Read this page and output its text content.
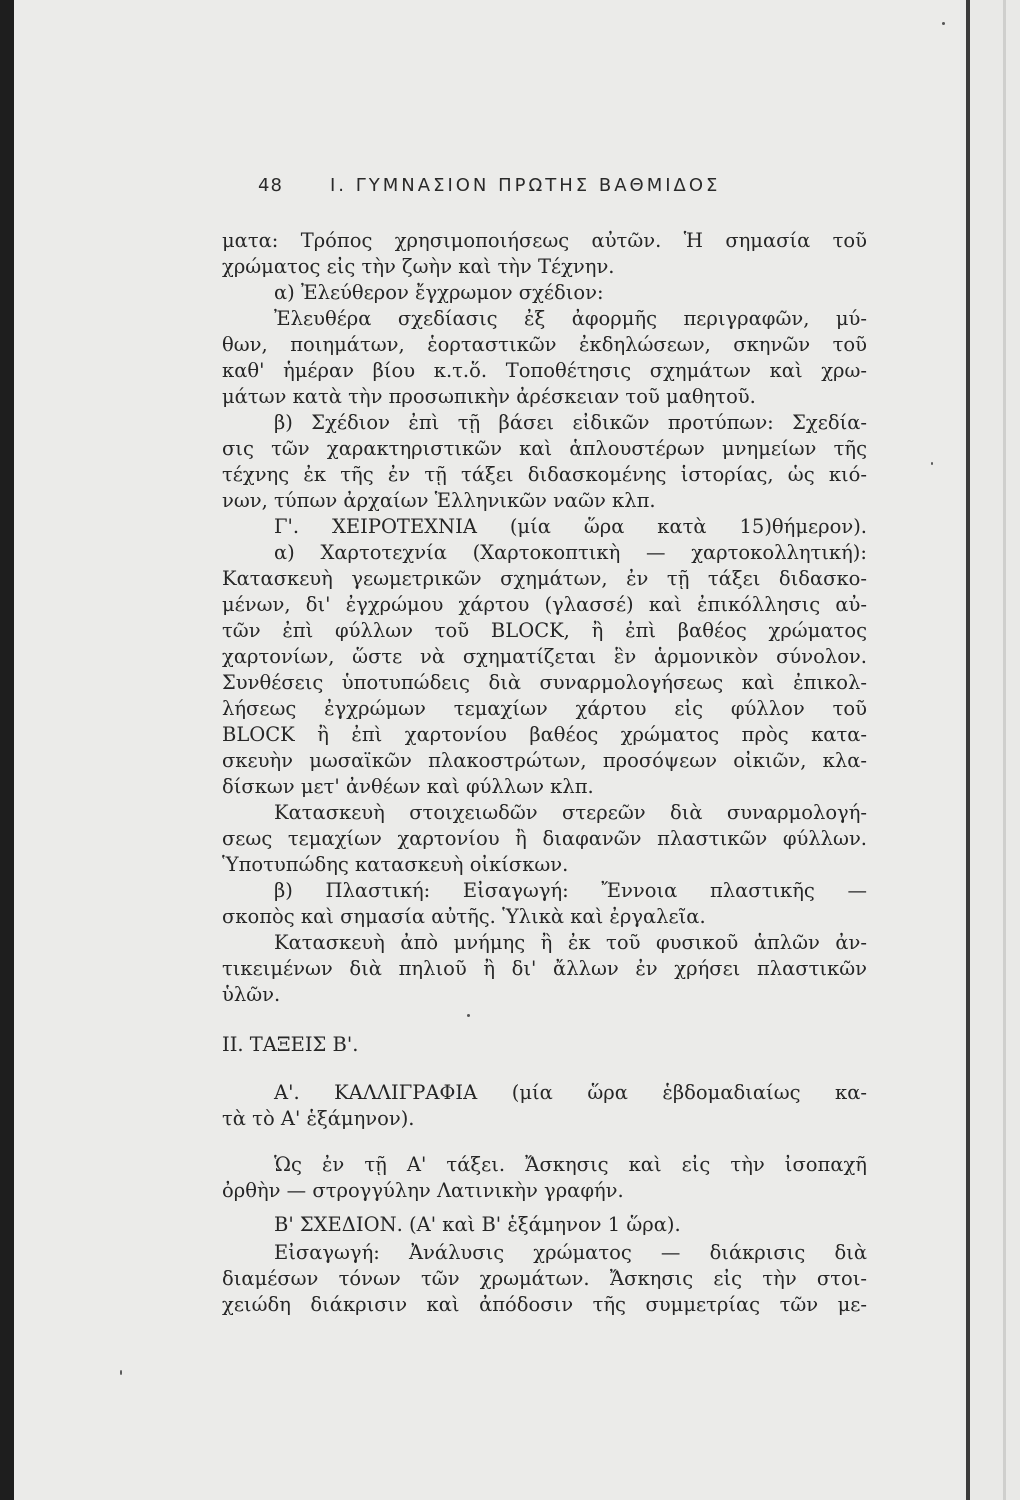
48	Ι. ΓΥΜΝΑΣΙΟΝ ΠΡΩΤΗΣ ΒΑΘΜΙΔΟΣ
ματα: Τρόπος χρησιμοποιήσεως αὐτῶν. Ἡ σημασία τοῦ
χρώματος εἰς τὴν ζωὴν καὶ τὴν Τέχνην.
α) Ἐλεύθερον ἔγχρωμον σχέδιον:
Ἐλευθέρα σχεδίασις ἐξ ἀφορμῆς περιγραφῶν, μύ-
θων, ποιημάτων, ἑορταστικῶν ἐκδηλώσεων, σκηνῶν τοῦ
καθ' ἡμέραν βίου κ.τ.ὅ. Τοποθέτησις σχημάτων καὶ χρω-
μάτων κατὰ τὴν προσωπικὴν ἀρέσκειαν τοῦ μαθητοῦ.
β) Σχέδιον ἐπὶ τῇ βάσει εἰδικῶν προτύπων: Σχεδία-
σις τῶν χαρακτηριστικῶν καὶ ἁπλουστέρων μνημείων τῆς
τέχνης ἐκ τῆς ἐν τῇ τάξει διδασκομένης ἱστορίας, ὡς κιό-
νων, τύπων ἀρχαίων Ἑλληνικῶν ναῶν κλπ.
Γ'. ΧΕΙΡΟΤΕΧΝΙΑ (μία ὥρα κατὰ 15)θήμερον).
α) Χαρτοτεχνία (Χαρτοκοπτικὴ — χαρτοκολλητική):
Κατασκευὴ γεωμετρικῶν σχημάτων, ἐν τῇ τάξει διδασκο-
μένων, δι' ἐγχρώμου χάρτου (γλασσέ) καὶ ἐπικόλλησις αὐ-
τῶν ἐπὶ φύλλων τοῦ BLOCK, ἢ ἐπὶ βαθέος χρώματος
χαρτονίων, ὥστε νὰ σχηματίζεται ἓν ἁρμονικὸν σύνολον.
Συνθέσεις ὑποτυπώδεις διὰ συναρμολογήσεως καὶ ἐπικολ-
λήσεως ἐγχρώμων τεμαχίων χάρτου εἰς φύλλον τοῦ
BLOCK ἢ ἐπὶ χαρτονίου βαθέος χρώματος πρὸς κατα-
σκευὴν μωσαϊκῶν πλακοστρώτων, προσόψεων οἰκιῶν, κλα-
δίσκων μετ' ἀνθέων καὶ φύλλων κλπ.
Κατασκευὴ στοιχειωδῶν στερεῶν διὰ συναρμολογή-
σεως τεμαχίων χαρτονίου ἢ διαφανῶν πλαστικῶν φύλλων.
Ὑποτυπώδης κατασκευὴ οἰκίσκων.
β) Πλαστική: Εἰσαγωγή: Ἔννοια πλαστικῆς —
σκοπὸς καὶ σημασία αὐτῆς. Ὑλικὰ καὶ ἐργαλεῖα.
Κατασκευὴ ἀπὸ μνήμης ἢ ἐκ τοῦ φυσικοῦ ἁπλῶν ἀν-
τικειμένων διὰ πηλιοῦ ἢ δι' ἄλλων ἐν χρήσει πλαστικῶν
ὑλῶν.
ΙΙ. ΤΑΞΕΙΣ Β'.
Α'. ΚΑΛΛΙΓΡΑΦΙΑ (μία ὥρα ἑβδομαδιαίως κα-
τὰ τὸ Α' ἑξάμηνον).
Ὡς ἐν τῇ Α' τάξει. Ἄσκησις καὶ εἰς τὴν ἰσοπαχῆ
ὀρθὴν — στρογγύλην Λατινικὴν γραφήν.
Β' ΣΧΕΔΙΟΝ. (Α' καὶ Β' ἑξάμηνον 1 ὥρα).
Εἰσαγωγή: Ἀνάλυσις χρώματος — διάκρισις διὰ
διαμέσων τόνων τῶν χρωμάτων. Ἄσκησις εἰς τὴν στοι-
χειώδη διάκρισιν καὶ ἀπόδοσιν τῆς συμμετρίας τῶν με-
